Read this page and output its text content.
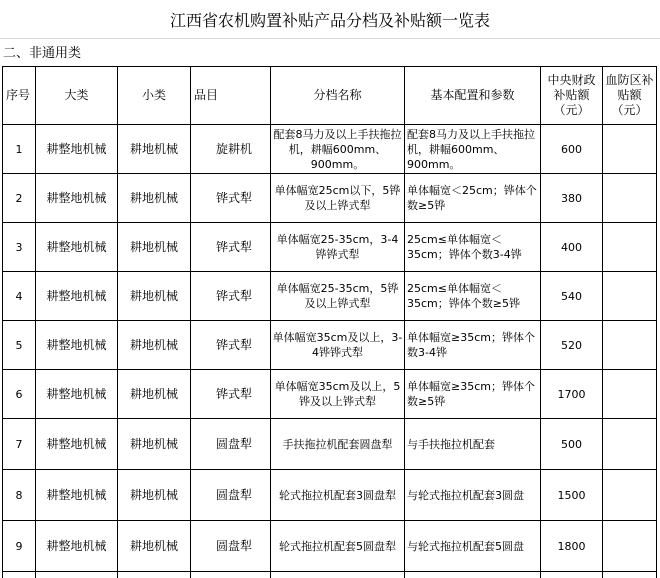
江西省农机购置补贴产品分档及补贴额一览表
二、非通用类
序号	大类	小类	品目	分档名称	基本配置和参数	中央财政补贴额（元）	血防区补贴额（元）
1	耕整地机械	耕地机械	旋耕机	配套8马力及以上手扶拖拉机，耕幅600mm、900mm。	配套8马力及以上手扶拖拉机，耕幅600mm、900mm。	600	
2	耕整地机械	耕地机械	铧式犁	单体幅宽25cm以下，5铧及以上铧式犁	单体幅宽＜25cm；铧体个数≥5铧	380	
3	耕整地机械	耕地机械	铧式犁	单体幅宽25-35cm，3-4铧铧式犁	25cm≤单体幅宽＜35cm；铧体个数3-4铧	400	
4	耕整地机械	耕地机械	铧式犁	单体幅宽25-35cm，5铧及以上铧式犁	25cm≤单体幅宽＜35cm；铧体个数≥5铧	540	
5	耕整地机械	耕地机械	铧式犁	单体幅宽35cm及以上，3-4铧铧式犁	单体幅宽≥35cm；铧体个数3-4铧	520	
6	耕整地机械	耕地机械	铧式犁	单体幅宽35cm及以上，5铧及以上铧式犁	单体幅宽≥35cm；铧体个数≥5铧	1700	
7	耕整地机械	耕地机械	圆盘犁	手扶拖拉机配套圆盘犁	与手扶拖拉机配套	500	
8	耕整地机械	耕地机械	圆盘犁	轮式拖拉机配套3圆盘犁	与轮式拖拉机配套3圆盘	1500	
9	耕整地机械	耕地机械	圆盘犁	轮式拖拉机配套5圆盘犁	与轮式拖拉机配套5圆盘	1800	
